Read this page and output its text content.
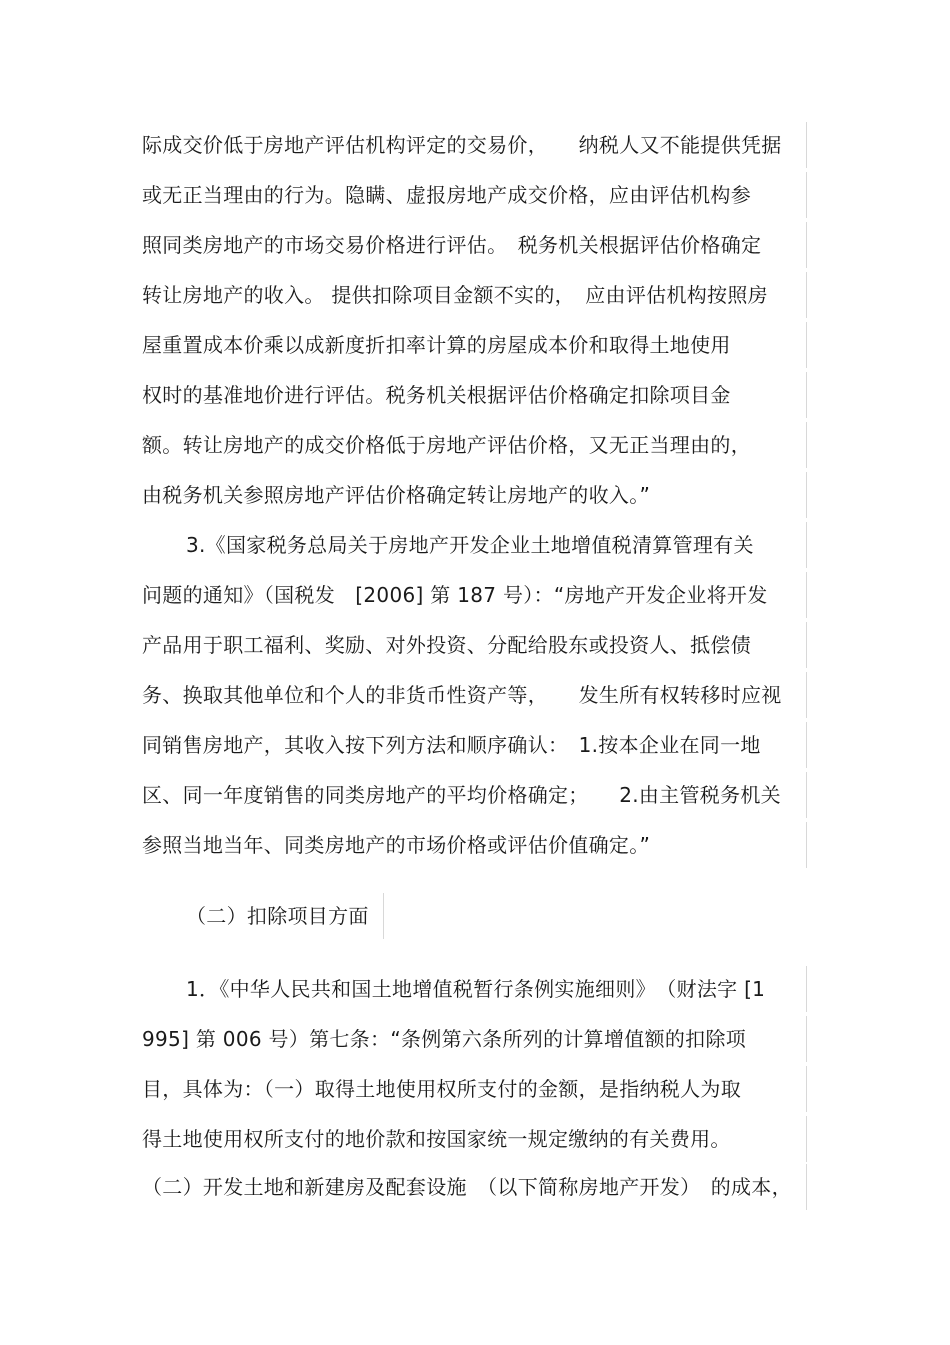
际成交价低于房地产评估机构评定的交易价，　　纳税人又不能提供凭据
或无正当理由的行为。隐瞒、虚报房地产成交价格，应由评估机构参
照同类房地产的市场交易价格进行评估。　税务机关根据评估价格确定
转让房地产的收入。 提供扣除项目金额不实的，　应由评估机构按照房
屋重置成本价乘以成新度折扣率计算的房屋成本价和取得土地使用
权时的基准地价进行评估。税务机关根据评估价格确定扣除项目金
额。转让房地产的成交价格低于房地产评估价格，又无正当理由的，
由税务机关参照房地产评估价格确定转让房地产的收入。”
3.《国家税务总局关于房地产开发企业土地增值税清算管理有关
问题的通知》（国税发　[2006] 第 187 号）：“房地产开发企业将开发
产品用于职工福利、奖励、对外投资、分配给股东或投资人、抵偿债
务、换取其他单位和个人的非货币性资产等，　　发生所有权转移时应视
同销售房地产，其收入按下列方法和顺序确认：　1.按本企业在同一地
区、同一年度销售的同类房地产的平均价格确定；　　2.由主管税务机关
参照当地当年、同类房地产的市场价格或评估价值确定。”
（二）扣除项目方面
1．《中华人民共和国土地增值税暂行条例实施细则》　（财法字 [1
995] 第 006 号）第七条：“条例第六条所列的计算增值额的扣除项
目，具体为：（一）取得土地使用权所支付的金额，是指纳税人为取
得土地使用权所支付的地价款和按国家统一规定缴纳的有关费用。
（二）开发土地和新建房及配套设施　（以下简称房地产开发）　的成本，
